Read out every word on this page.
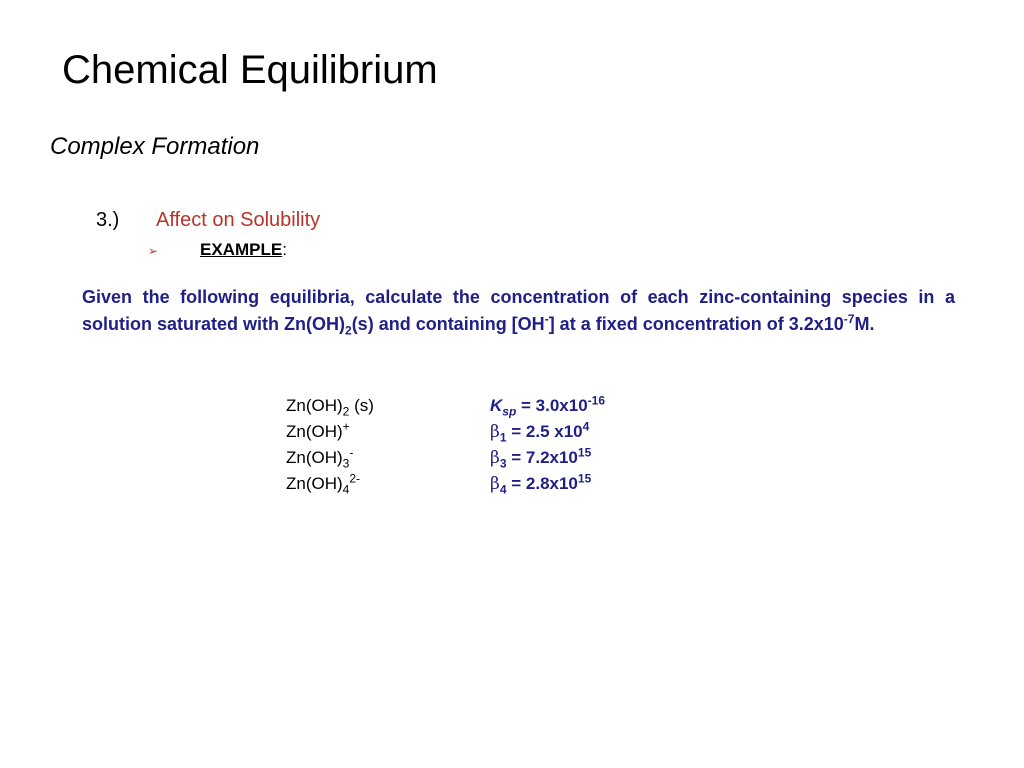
Chemical Equilibrium
Complex Formation
3.) Affect on Solubility
➢ EXAMPLE:
Given the following equilibria, calculate the concentration of each zinc-containing species in a solution saturated with $Zn(OH)_2(s)$ and containing [OH-] at a fixed concentration of $3.2x10^{-7}M$.
$Zn(OH)_2$ (s)	$K_{sp} = 3.0x10^{-16}$
Zn(OH)+	$\beta_1 = 2.5$ $x10^4$
$Zn(OH)_3^-$	$\beta_3 = 7.2x10^{15}$
$Zn(OH)_4^{2-}$	$\beta_4 = 2.8x10^{15}$
